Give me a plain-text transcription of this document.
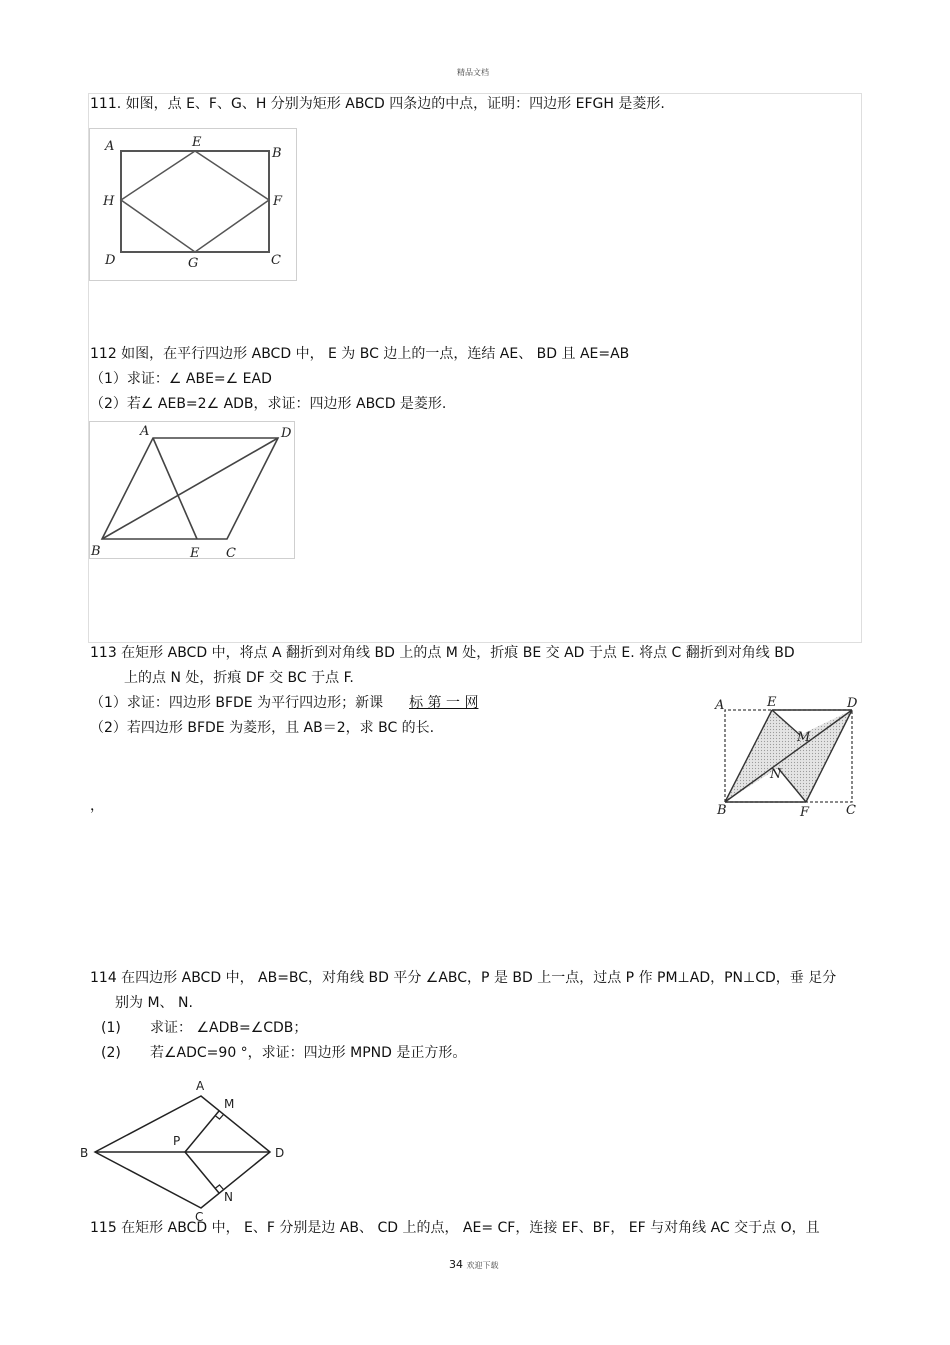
精品文档
111. 如图，点 E、F、G、H 分别为矩形 ABCD 四条边的中点，证明：四边形 EFGH 是菱形.
A	B
C
D
E
F
G
H
112 如图，在平行四边形 ABCD 中， E 为 BC 边上的一点，连结 AE、 BD 且 AE=AB
（1）求证：∠ ABE=∠ EAD
（2）若∠ AEB=2∠ ADB，求证：四边形 ABCD 是菱形.
A
B	C
D
E
113 在矩形 ABCD 中，将点 A 翻折到对角线 BD 上的点 M 处，折痕 BE 交 AD 于点 E. 将点 C 翻折到对角线 BD
上的点 N 处，折痕 DF 交 BC 于点 F.
（1）求证：四边形 BFDE 为平行四边形；新课 标 第 一 网
（2）若四边形 BFDE 为菱形，且 AB＝2，求 BC 的长.
，
A	E	D
M
N
B	F	C
114 在四边形 ABCD 中， AB=BC，对角线 BD 平分 ∠ABC，P 是 BD 上一点，过点 P 作 PM⊥AD，PN⊥CD，垂 足分
别为 M、 N.
(1) 求证： ∠ADB=∠CDB；
(2) 若∠ADC=90 °，求证：四边形 MPND 是正方形。
A
M
B
P
D
N
C
115 在矩形 ABCD 中， E、F 分别是边 AB、 CD 上的点， AE= CF，连接 EF、BF， EF 与对角线 AC 交于点 O，且
34 欢迎下载
